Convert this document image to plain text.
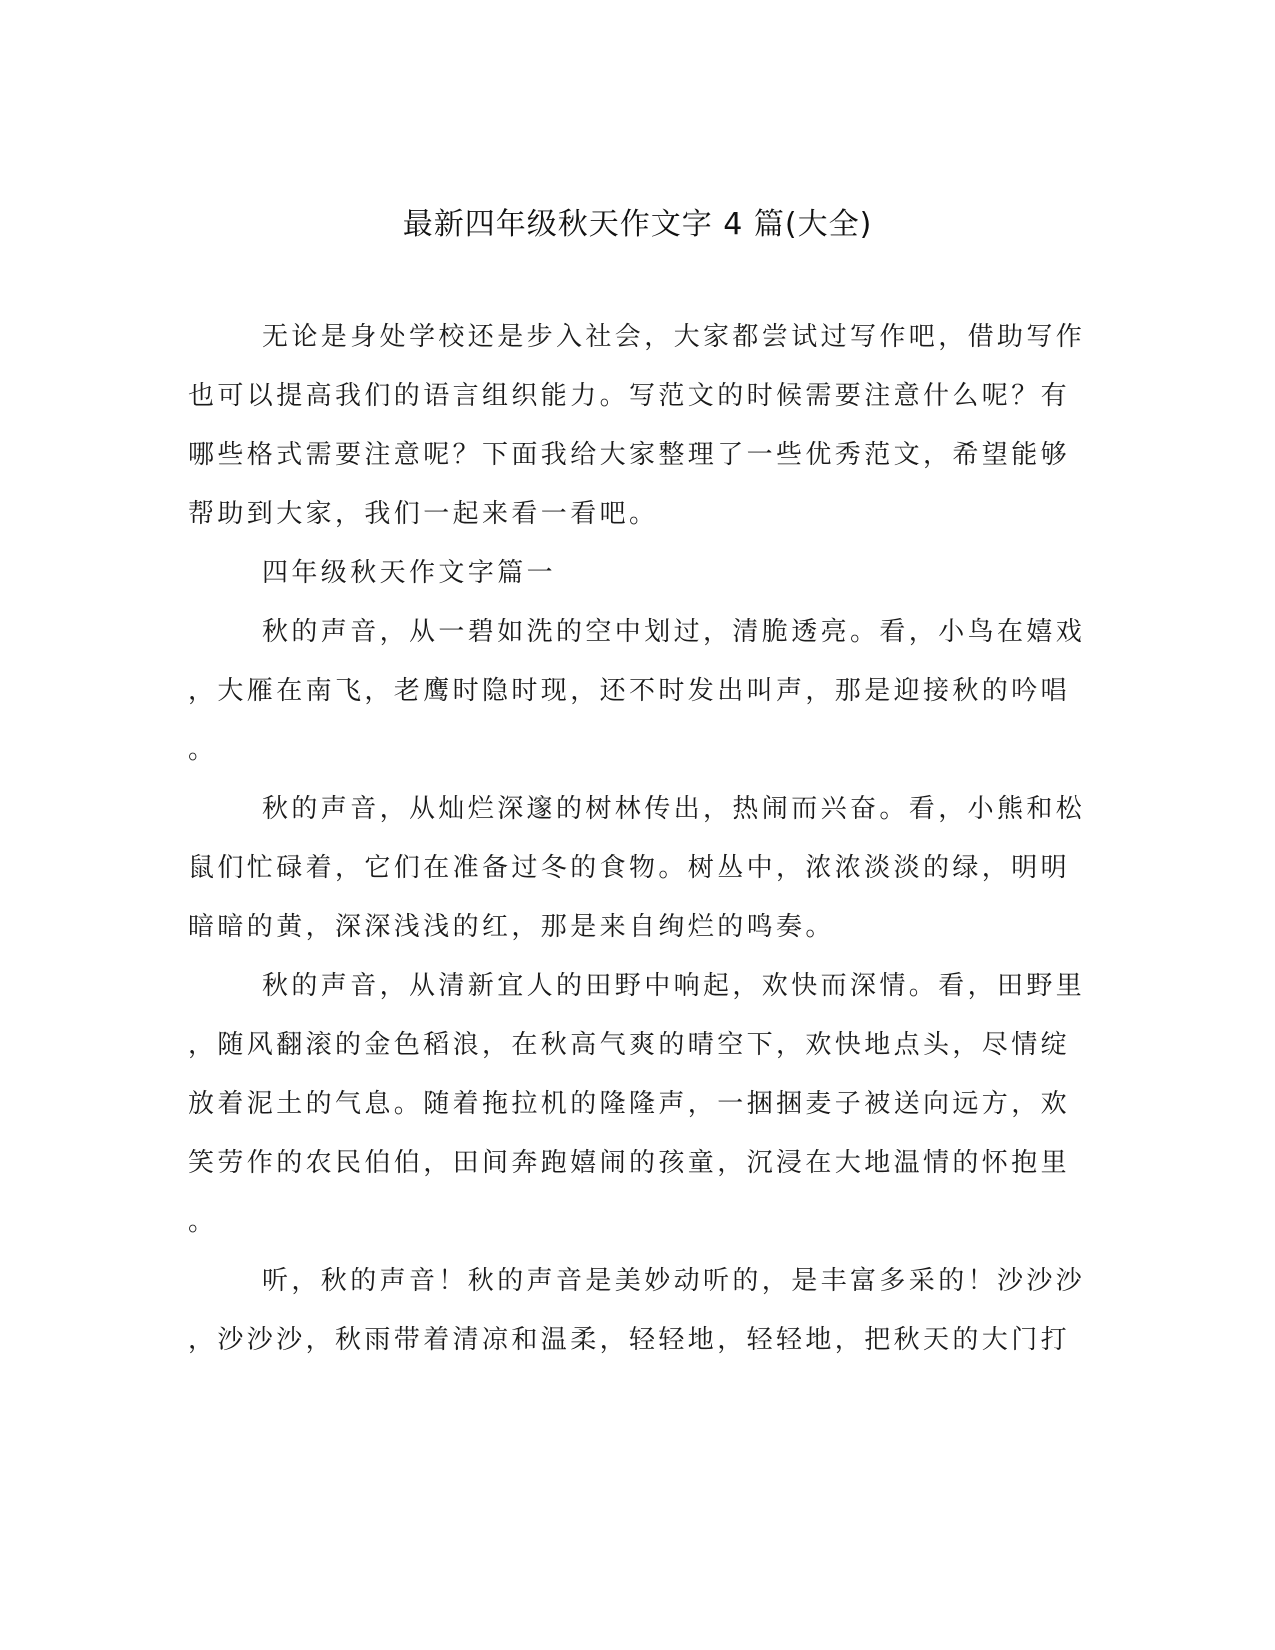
最新四年级秋天作文字 4 篇(大全)
无论是身处学校还是步入社会，大家都尝试过写作吧，借助写作
也可以提高我们的语言组织能力。写范文的时候需要注意什么呢？有
哪些格式需要注意呢？下面我给大家整理了一些优秀范文，希望能够
帮助到大家，我们一起来看一看吧。
四年级秋天作文字篇一
秋的声音，从一碧如洗的空中划过，清脆透亮。看，小鸟在嬉戏
，大雁在南飞，老鹰时隐时现，还不时发出叫声，那是迎接秋的吟唱
。
秋的声音，从灿烂深邃的树林传出，热闹而兴奋。看，小熊和松
鼠们忙碌着，它们在准备过冬的食物。树丛中，浓浓淡淡的绿，明明
暗暗的黄，深深浅浅的红，那是来自绚烂的鸣奏。
秋的声音，从清新宜人的田野中响起，欢快而深情。看，田野里
，随风翻滚的金色稻浪，在秋高气爽的晴空下，欢快地点头，尽情绽
放着泥土的气息。随着拖拉机的隆隆声，一捆捆麦子被送向远方，欢
笑劳作的农民伯伯，田间奔跑嬉闹的孩童，沉浸在大地温情的怀抱里
。
听，秋的声音！秋的声音是美妙动听的，是丰富多采的！沙沙沙
，沙沙沙，秋雨带着清凉和温柔，轻轻地，轻轻地，把秋天的大门打
